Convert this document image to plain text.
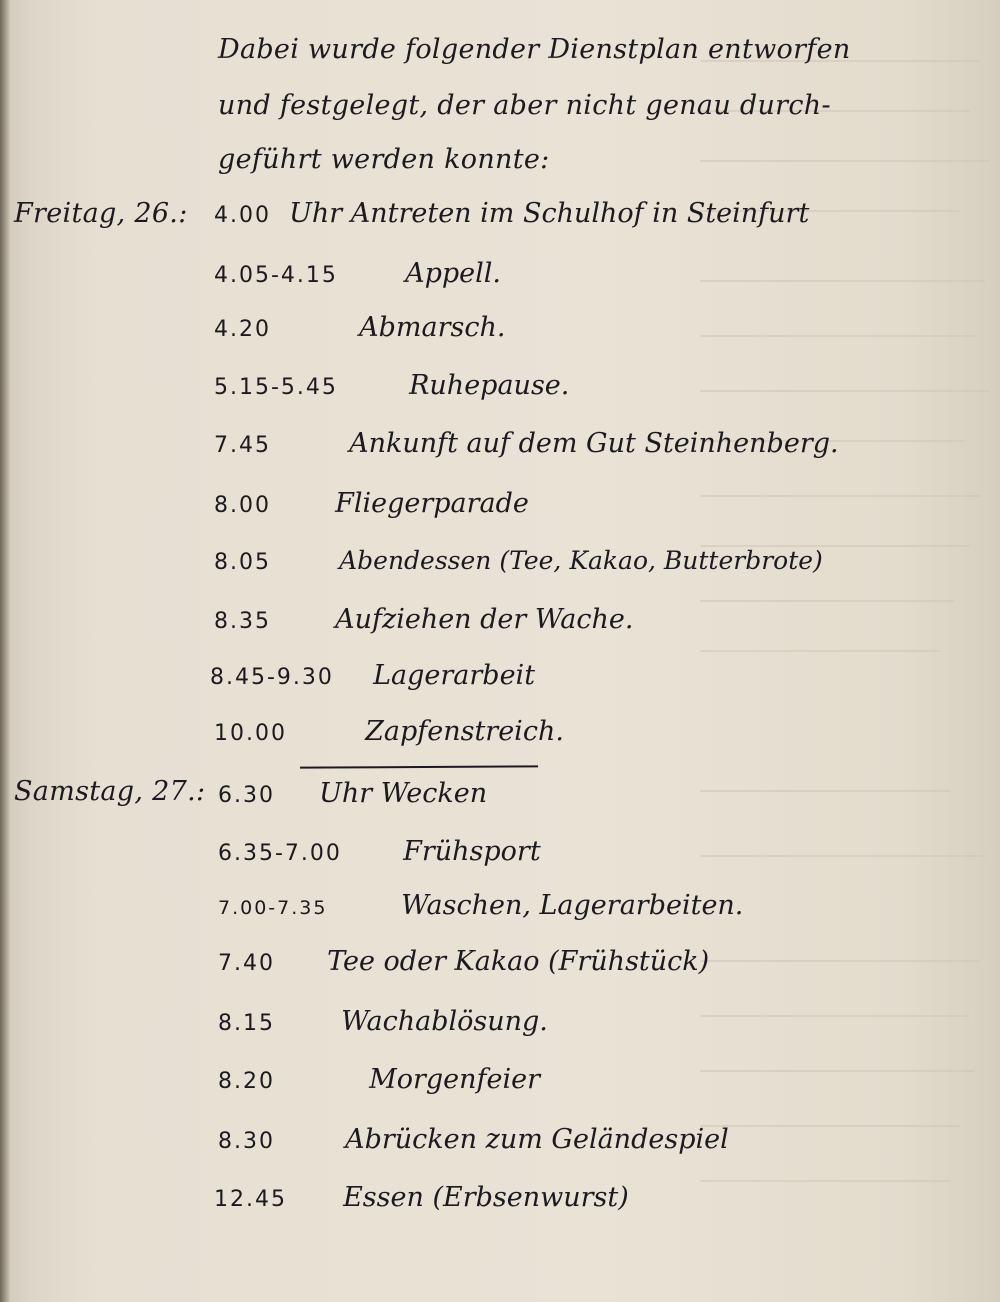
Dabei wurde folgender Dienstplan entworfen
und festgelegt, der aber nicht genau durch-
geführt werden konnte:
Freitag, 26.: 4.00 Uhr Antreten im Schulhof in Steinfurt
4.05-4.15 Appell.
4.20	Abmarsch.
5.15-5.45	Ruhepause.
7.45	Ankunft auf dem Gut Steinhenberg.
8.00 Fliegerparade
8.05	Abendessen (Tee, Kakao, Butterbrote)
8.35 Aufziehen der Wache.
8.45-9.30 Lagerarbeit
10.00	Zapfenstreich.
Samstag, 27.: 6.30 Uhr Wecken
6.35-7.00 Frühsport
7.00-7.35	Waschen, Lagerarbeiten.
7.40 Tee oder Kakao (Frühstück)
8.15 Wachablösung.
8.20	Morgenfeier
8.30	Abrücken zum Geländespiel
12.45 Essen (Erbsenwurst)
